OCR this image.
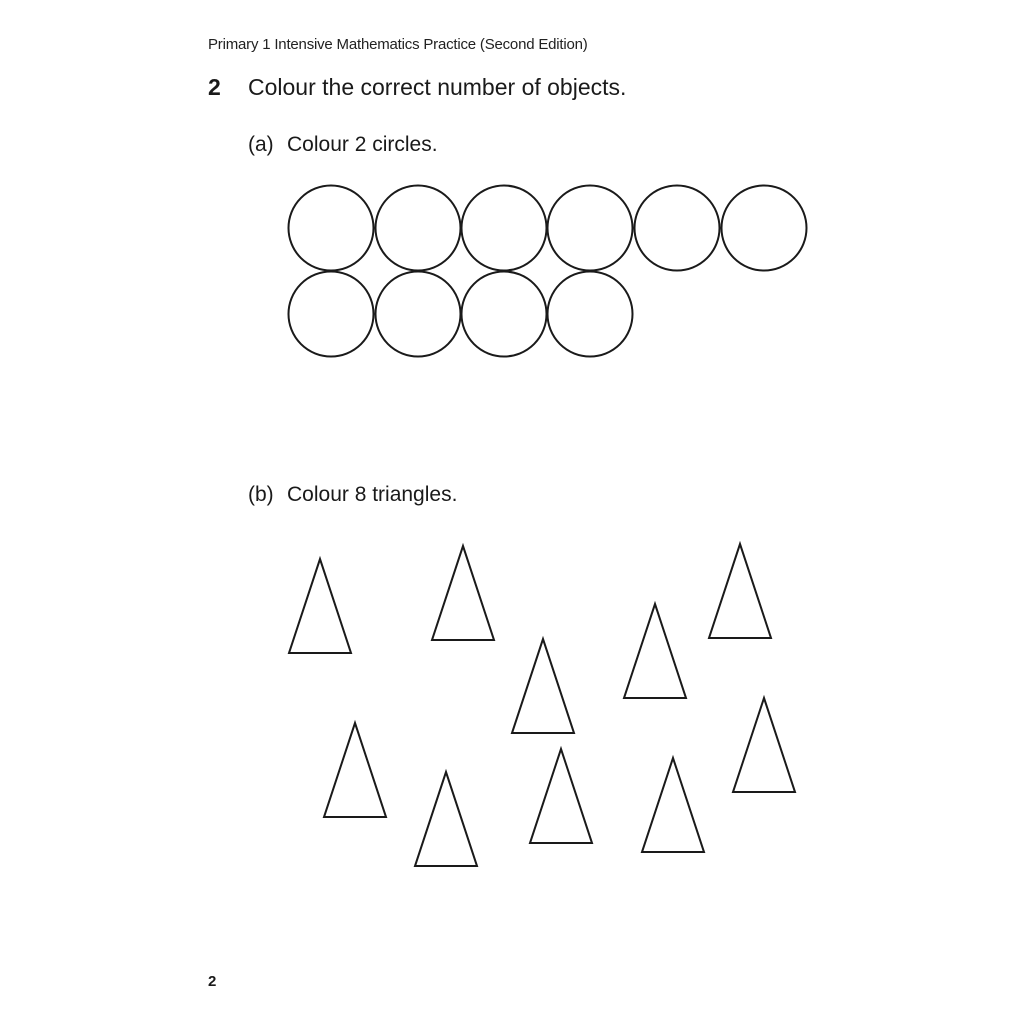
Primary 1 Intensive Mathematics Practice (Second Edition)
2 Colour the correct number of objects.
(a) Colour 2 circles.
(b) Colour 8 triangles.
2
